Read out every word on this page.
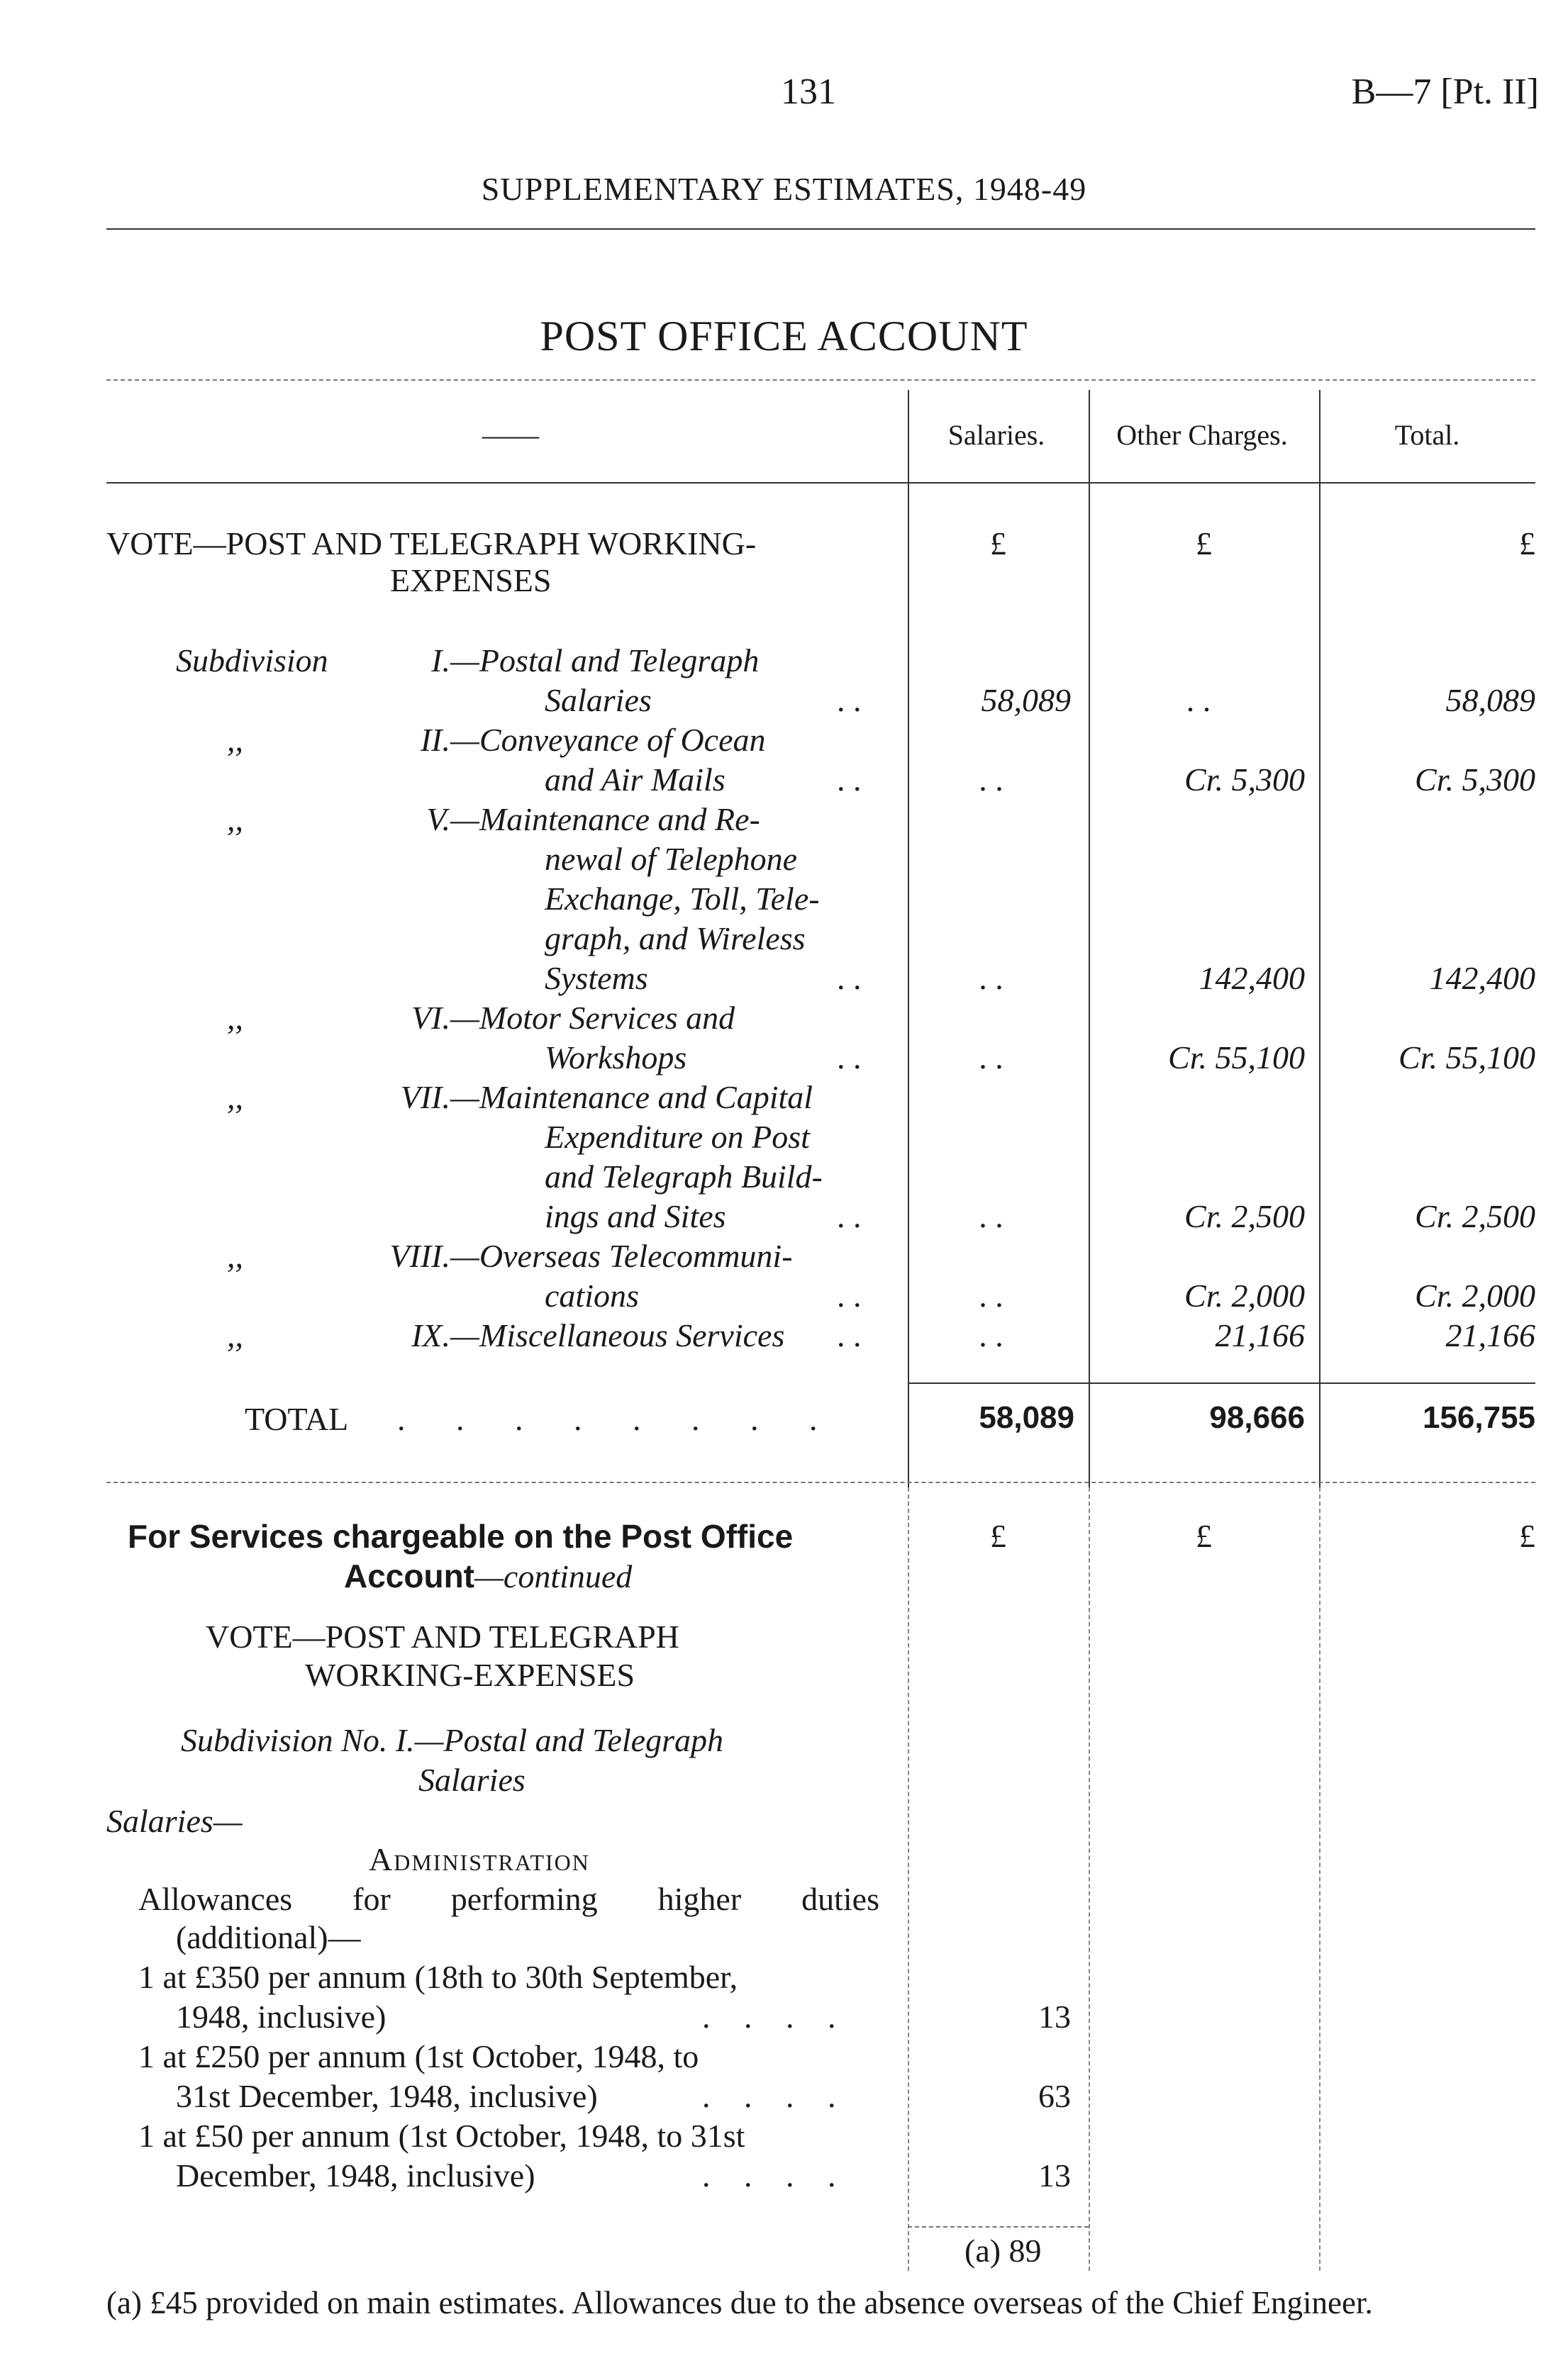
131	B—7 [Pt. II]
SUPPLEMENTARY ESTIMATES, 1948-49
POST OFFICE ACCOUNT
——	Salaries.	Other Charges.	Total.
VOTE—POST AND TELEGRAPH WORKING-
EXPENSES
£	£	£
Subdivision	I. —Postal and Telegraph
Salaries	. .	58,089	. .	58,089
,,	II. —Conveyance of Ocean
and Air Mails	. .	. .	Cr. 5,300	Cr. 5,300
,,	V. —Maintenance and Re-
newal of Telephone
Exchange, Toll, Tele-
graph, and Wireless
Systems	. .	. .	142,400	142,400
,,	VI. —Motor Services and
Workshops	. .	. .	Cr. 55,100	Cr. 55,100
,,	VII. —Maintenance and Capital
Expenditure on Post
and Telegraph Build-
ings and Sites	. .	. .	Cr. 2,500	Cr. 2,500
,,	VIII. —Overseas Telecommuni-
cations	. .	. .	Cr. 2,000	Cr. 2,000
,,	IX. —Miscellaneous Services . .	. .	21,166	21,166
TOTAL . . . . . . . .	58,089	98,666	156,755
For Services chargeable on the Post Office
Account—continued
£	£	£
VOTE—POST AND TELEGRAPH
WORKING-EXPENSES
Subdivision No. I.—Postal and Telegraph
Salaries
Salaries—
Administration
Allowances for performing higher duties
(additional)—
1 at £350 per annum (18th to 30th September,
1948, inclusive)	. . . .	13
1 at £250 per annum (1st October, 1948, to
31st December, 1948, inclusive)	. . . .	63
1 at £50 per annum (1st October, 1948, to 31st
December, 1948, inclusive)	. . . .	13
(a) 89
(a) £45 provided on main estimates. Allowances due to the absence overseas of the Chief Engineer.
